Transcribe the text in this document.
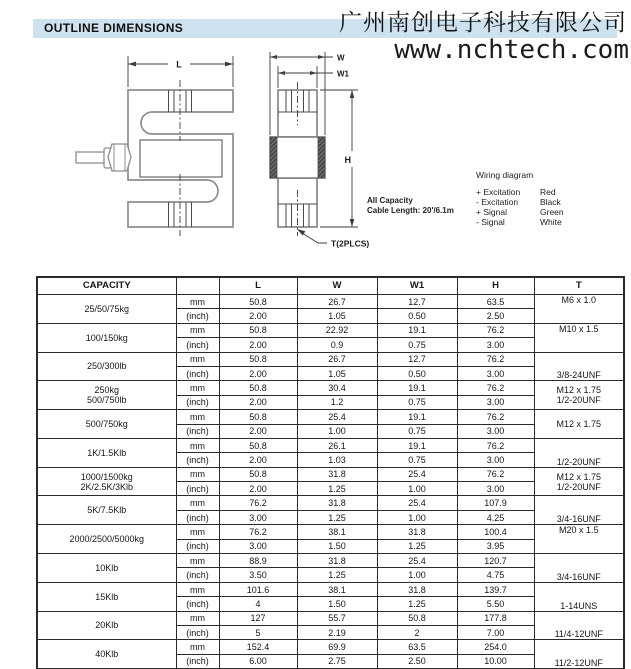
OUTLINE DIMENSIONS	广州南创电子科技有限公司
www.nchtech.com
L
W
W1
H
T(2PLCS)
All Capacity
Cable Length: 20'/6.1m
Wiring diagram
+ Excitation	Red
- Excitation	Black
+ Signal	Green
- Signal	White
CAPACITY		L	W	W1	H	T
25/50/75kg	mm	50.8	26.7	12.7	63.5	M6 x 1.0
	(inch)	2.00	1.05	0.50	2.50	
100/150kg	mm	50.8	22.92	19.1	76.2	M10 x 1.5
	(inch)	2.00	0.9	0.75	3.00	
250/300lb	mm	50.8	26.7	12.7	76.2	3/8-24UNF
	(inch)	2.00	1.05	0.50	3.00	
250kg
500/750lb	mm	50.8	30.4	19.1	76.2	M12 x 1.75
1/2-20UNF
	(inch)	2.00	1.2	0.75	3.00	
500/750kg	mm	50.8	25.4	19.1	76.2	M12 x 1.75
	(inch)	2.00	1.00	0.75	3.00	
1K/1.5Klb	mm	50.8	26.1	19.1	76.2	1/2-20UNF
	(inch)	2.00	1.03	0.75	3.00	
1000/1500kg
2K/2.5K/3Klb	mm	50.8	31.8	25.4	76.2	M12 x 1.75
1/2-20UNF
	(inch)	2.00	1.25	1.00	3.00	
5K/7.5Klb	mm	76.2	31.8	25.4	107.9	3/4-16UNF
	(inch)	3.00	1.25	1.00	4.25	
2000/2500/5000kg	mm	76.2	38.1	31.8	100.4	M20 x 1.5
	(inch)	3.00	1.50	1.25	3.95	
10Klb	mm	88.9	31.8	25.4	120.7	3/4-16UNF
	(inch)	3.50	1.25	1.00	4.75	
15Klb	mm	101.6	38.1	31.8	139.7	1-14UNS
	(inch)	4	1.50	1.25	5.50	
20Klb	mm	127	55.7	50.8	177.8	11/4-12UNF
	(inch)	5	2.19	2	7.00	
40Klb	mm	152.4	69.9	63.5	254.0	11/2-12UNF
	(inch)	6.00	2.75	2.50	10.00	
